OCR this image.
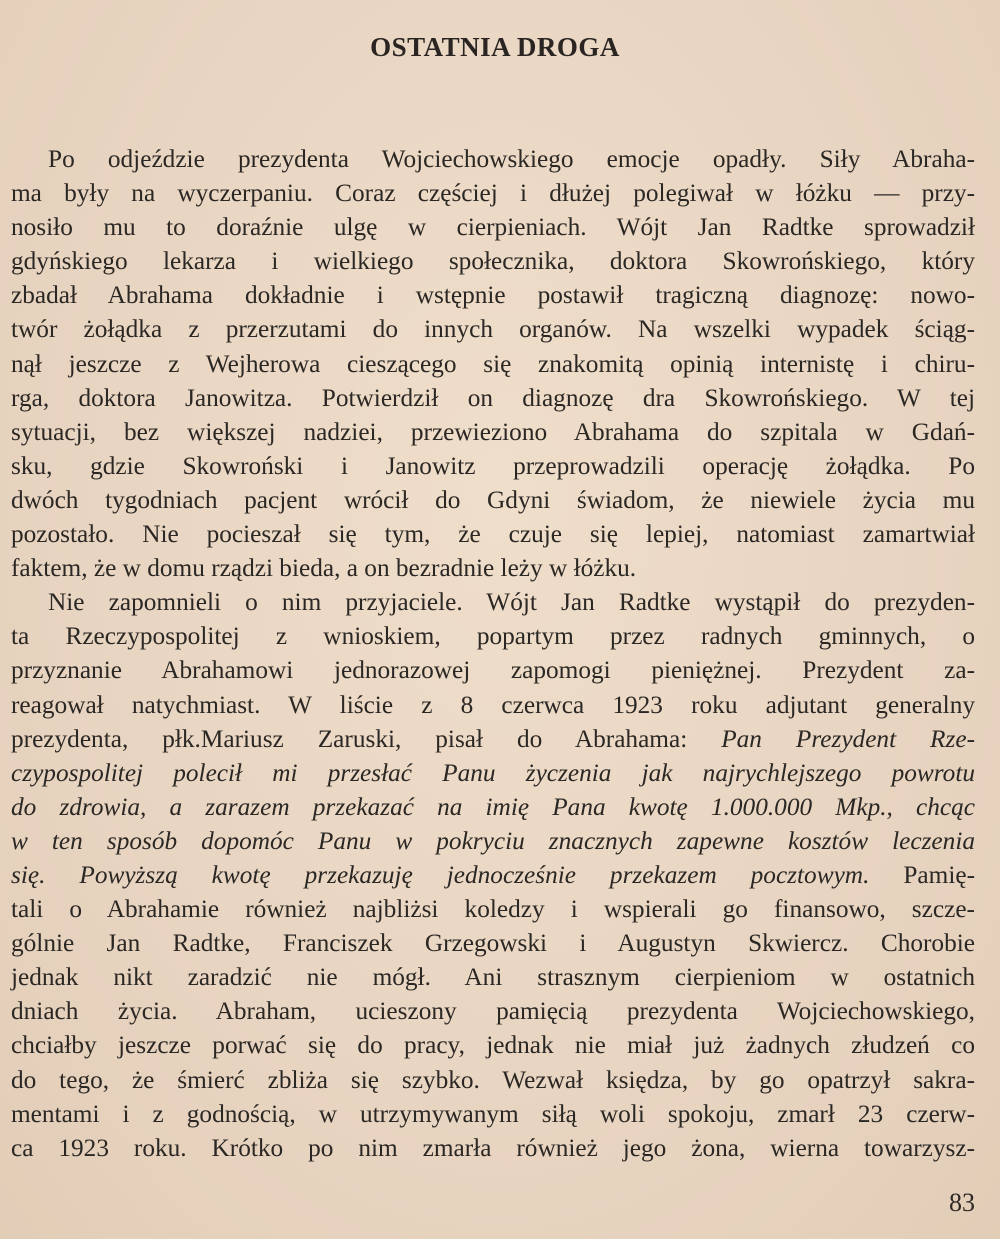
OSTATNIA DROGA
Po odjeździe prezydenta Wojciechowskiego emocje opadły. Siły Abraha-
ma były na wyczerpaniu. Coraz częściej i dłużej polegiwał w łóżku — przy-
nosiło mu to doraźnie ulgę w cierpieniach. Wójt Jan Radtke sprowadził
gdyńskiego lekarza i wielkiego społecznika, doktora Skowrońskiego, który
zbadał Abrahama dokładnie i wstępnie postawił tragiczną diagnozę: nowo-
twór żołądka z przerzutami do innych organów. Na wszelki wypadek ściąg-
nął jeszcze z Wejherowa cieszącego się znakomitą opinią internistę i chiru-
rga, doktora Janowitza. Potwierdził on diagnozę dra Skowrońskiego. W tej
sytuacji, bez większej nadziei, przewieziono Abrahama do szpitala w Gdań-
sku, gdzie Skowroński i Janowitz przeprowadzili operację żołądka. Po
dwóch tygodniach pacjent wrócił do Gdyni świadom, że niewiele życia mu
pozostało. Nie pocieszał się tym, że czuje się lepiej, natomiast zamartwiał
faktem, że w domu rządzi bieda, a on bezradnie leży w łóżku.
Nie zapomnieli o nim przyjaciele. Wójt Jan Radtke wystąpił do prezyden-
ta Rzeczypospolitej z wnioskiem, popartym przez radnych gminnych, o
przyznanie Abrahamowi jednorazowej zapomogi pieniężnej. Prezydent za-
reagował natychmiast. W liście z 8 czerwca 1923 roku adjutant generalny
prezydenta, płk.Mariusz Zaruski, pisał do Abrahama: Pan Prezydent Rze-
czypospolitej polecił mi przesłać Panu życzenia jak najrychlejszego powrotu
do zdrowia, a zarazem przekazać na imię Pana kwotę 1.000.000 Mkp., chcąc
w ten sposób dopomóc Panu w pokryciu znacznych zapewne kosztów leczenia
się. Powyższą kwotę przekazuję jednocześnie przekazem pocztowym. Pamię-
tali o Abrahamie również najbliżsi koledzy i wspierali go finansowo, szcze-
gólnie Jan Radtke, Franciszek Grzegowski i Augustyn Skwiercz. Chorobie
jednak nikt zaradzić nie mógł. Ani strasznym cierpieniom w ostatnich
dniach życia. Abraham, ucieszony pamięcią prezydenta Wojciechowskiego,
chciałby jeszcze porwać się do pracy, jednak nie miał już żadnych złudzeń co
do tego, że śmierć zbliża się szybko. Wezwał księdza, by go opatrzył sakra-
mentami i z godnością, w utrzymywanym siłą woli spokoju, zmarł 23 czerw-
ca 1923 roku. Krótko po nim zmarła również jego żona, wierna towarzysz-
83
